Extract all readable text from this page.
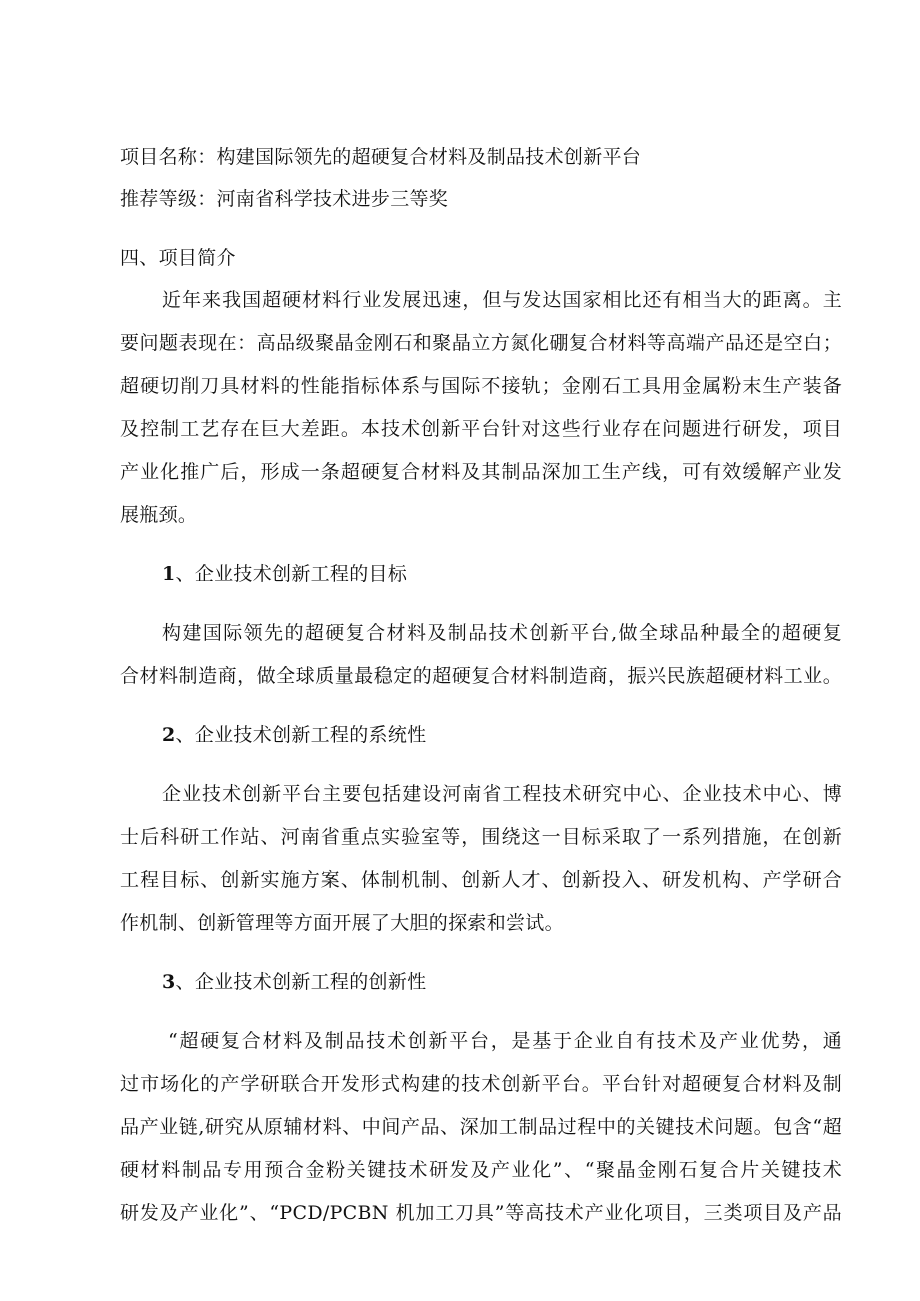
项目名称：构建国际领先的超硬复合材料及制品技术创新平台
推荐等级：河南省科学技术进步三等奖
四、项目简介
近年来我国超硬材料行业发展迅速，但与发达国家相比还有相当大的距离。主
要问题表现在：高品级聚晶金刚石和聚晶立方氮化硼复合材料等高端产品还是空白；
超硬切削刀具材料的性能指标体系与国际不接轨；金刚石工具用金属粉末生产装备
及控制工艺存在巨大差距。本技术创新平台针对这些行业存在问题进行研发，项目
产业化推广后，形成一条超硬复合材料及其制品深加工生产线，可有效缓解产业发
展瓶颈。
1、企业技术创新工程的目标
构建国际领先的超硬复合材料及制品技术创新平台,做全球品种最全的超硬复
合材料制造商，做全球质量最稳定的超硬复合材料制造商，振兴民族超硬材料工业。
2、企业技术创新工程的系统性
企业技术创新平台主要包括建设河南省工程技术研究中心、企业技术中心、博
士后科研工作站、河南省重点实验室等，围绕这一目标采取了一系列措施，在创新
工程目标、创新实施方案、体制机制、创新人才、创新投入、研发机构、产学研合
作机制、创新管理等方面开展了大胆的探索和尝试。
3、企业技术创新工程的创新性
“超硬复合材料及制品技术创新平台，是基于企业自有技术及产业优势，通
过市场化的产学研联合开发形式构建的技术创新平台。平台针对超硬复合材料及制
品产业链,研究从原辅材料、中间产品、深加工制品过程中的关键技术问题。包含“超
硬材料制品专用预合金粉关键技术研发及产业化”、“聚晶金刚石复合片关键技术
研发及产业化”、“PCD/PCBN 机加工刀具”等高技术产业化项目，三类项目及产品
